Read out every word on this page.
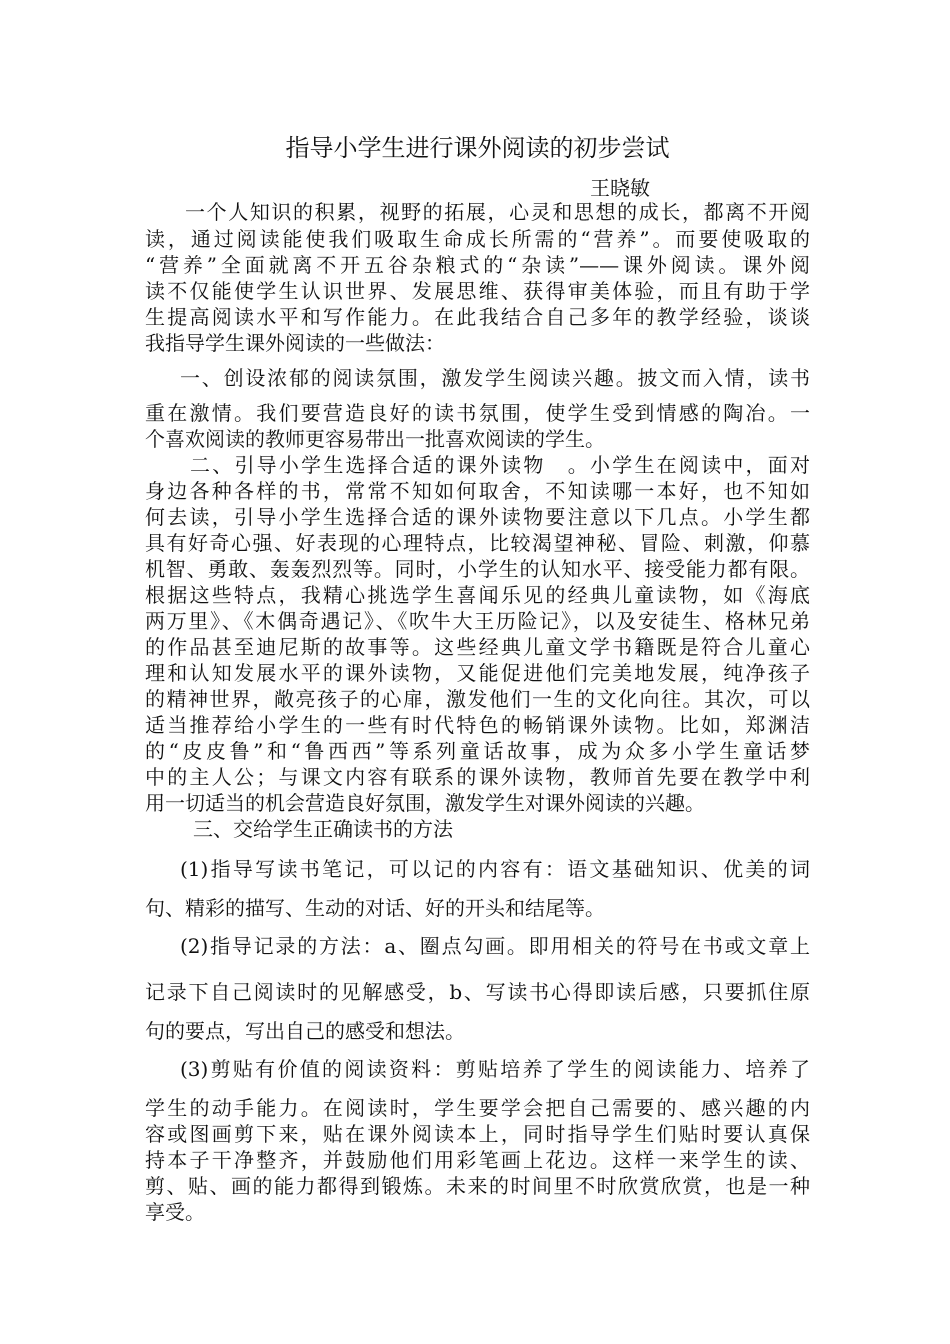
指导小学生进行课外阅读的初步尝试
王晓敏
一个人知识的积累，视野的拓展，心灵和思想的成长，都离不开阅
读，通过阅读能使我们吸取生命成长所需的“营养”。而要使吸取的
“营养”全面就离不开五谷杂粮式的“杂读”——课外阅读。课外阅
读不仅能使学生认识世界、发展思维、获得审美体验，而且有助于学
生提高阅读水平和写作能力。在此我结合自己多年的教学经验，谈谈
我指导学生课外阅读的一些做法：
一、创设浓郁的阅读氛围，激发学生阅读兴趣。披文而入情，读书
重在激情。我们要营造良好的读书氛围，使学生受到情感的陶冶。一
个喜欢阅读的教师更容易带出一批喜欢阅读的学生。
二、引导小学生选择合适的课外读物　。小学生在阅读中，面对
身边各种各样的书，常常不知如何取舍，不知读哪一本好，也不知如
何去读，引导小学生选择合适的课外读物要注意以下几点。小学生都
具有好奇心强、好表现的心理特点，比较渴望神秘、冒险、刺激，仰慕
机智、勇敢、轰轰烈烈等。同时，小学生的认知水平、接受能力都有限。
根据这些特点，我精心挑选学生喜闻乐见的经典儿童读物，如《海底
两万里》、《木偶奇遇记》、《吹牛大王历险记》，以及安徒生、格林兄弟
的作品甚至迪尼斯的故事等。这些经典儿童文学书籍既是符合儿童心
理和认知发展水平的课外读物，又能促进他们完美地发展，纯净孩子
的精神世界，敞亮孩子的心扉，激发他们一生的文化向往。其次，可以
适当推荐给小学生的一些有时代特色的畅销课外读物。比如，郑渊洁
的“皮皮鲁”和“鲁西西”等系列童话故事，成为众多小学生童话梦
中的主人公；与课文内容有联系的课外读物，教师首先要在教学中利
用一切适当的机会营造良好氛围，激发学生对课外阅读的兴趣。
三、交给学生正确读书的方法
(1)指导写读书笔记，可以记的内容有：语文基础知识、优美的词
句、精彩的描写、生动的对话、好的开头和结尾等。
(2)指导记录的方法：a、圈点勾画。即用相关的符号在书或文章上
记录下自己阅读时的见解感受，b、写读书心得即读后感，只要抓住原
句的要点，写出自己的感受和想法。
(3)剪贴有价值的阅读资料：剪贴培养了学生的阅读能力、培养了
学生的动手能力。在阅读时，学生要学会把自己需要的、感兴趣的内
容或图画剪下来，贴在课外阅读本上，同时指导学生们贴时要认真保
持本子干净整齐，并鼓励他们用彩笔画上花边。这样一来学生的读、
剪、贴、画的能力都得到锻炼。未来的时间里不时欣赏欣赏，也是一种
享受。
